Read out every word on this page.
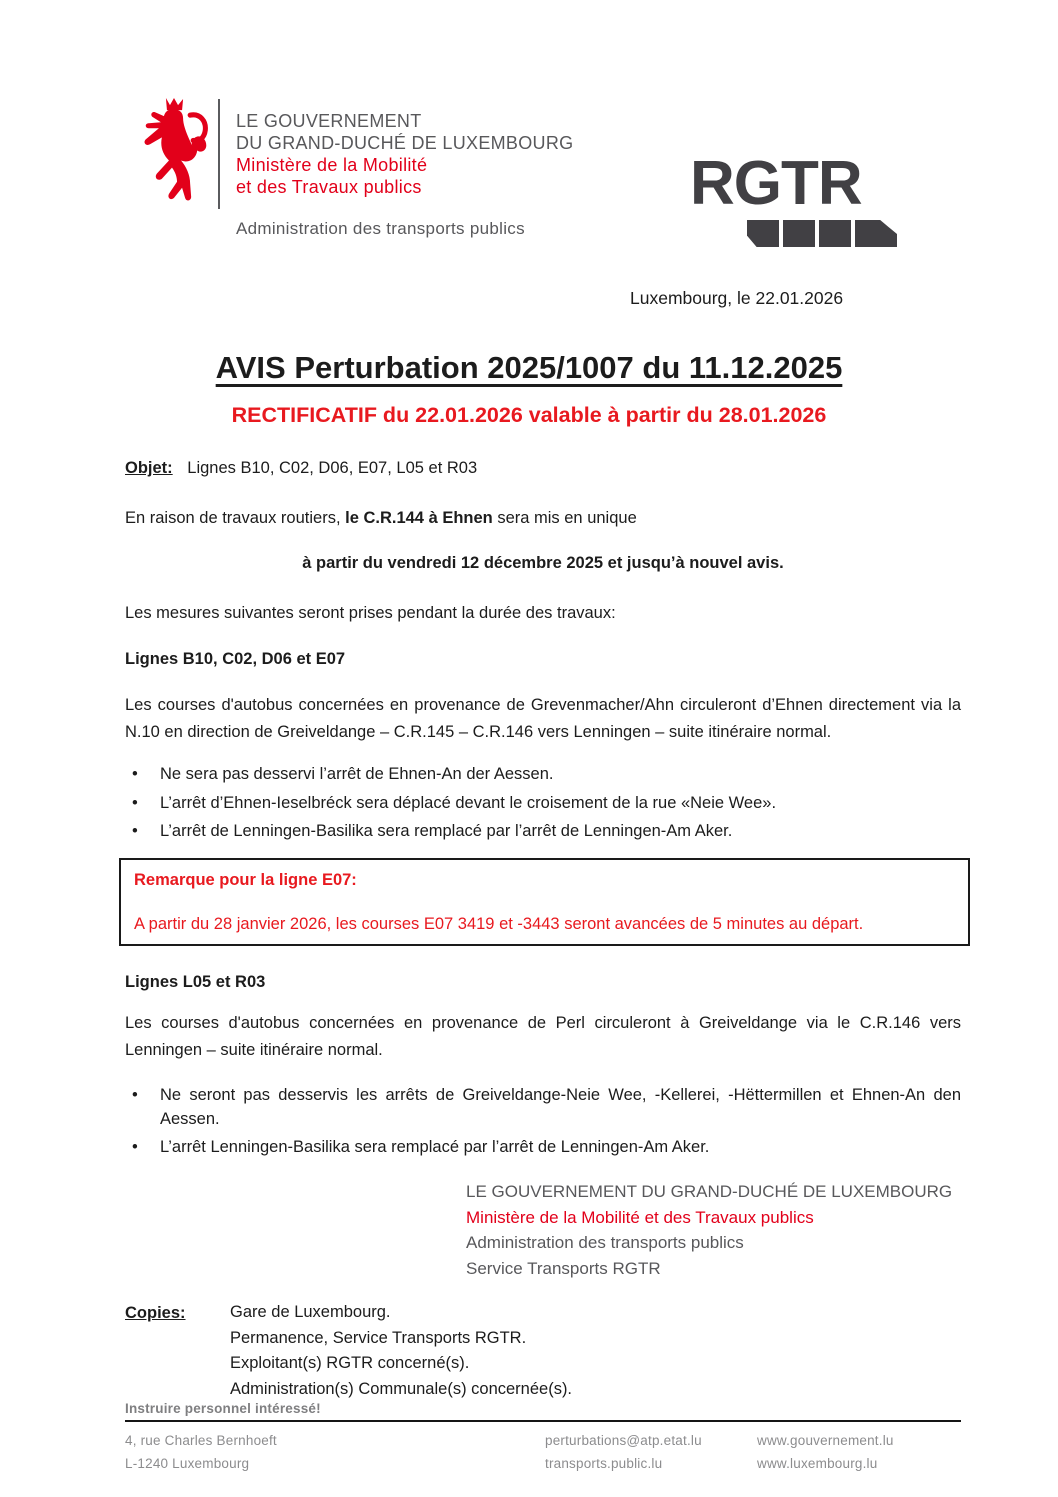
LE GOUVERNEMENT
DU GRAND-DUCHÉ DE LUXEMBOURG
Ministère de la Mobilité
et des Travaux publics
Administration des transports publics
RGTR
Luxembourg, le 22.01.2026
AVIS Perturbation 2025/1007 du 11.12.2025
RECTIFICATIF du 22.01.2026 valable à partir du 28.01.2026
Objet: Lignes B10, C02, D06, E07, L05 et R03
En raison de travaux routiers, le C.R.144 à Ehnen sera mis en unique
à partir du vendredi 12 décembre 2025 et jusqu’à nouvel avis.
Les mesures suivantes seront prises pendant la durée des travaux:
Lignes B10, C02, D06 et E07
Les courses d'autobus concernées en provenance de Grevenmacher/Ahn circuleront d’Ehnen directement via la N.10 en direction de Greiveldange – C.R.145 – C.R.146 vers Lenningen – suite itinéraire normal.
• Ne sera pas desservi l’arrêt de Ehnen-An der Aessen.
• L’arrêt d’Ehnen-Ieselbréck sera déplacé devant le croisement de la rue «Neie Wee».
• L’arrêt de Lenningen-Basilika sera remplacé par l’arrêt de Lenningen-Am Aker.
Remarque pour la ligne E07:
A partir du 28 janvier 2026, les courses E07 3419 et -3443 seront avancées de 5 minutes au départ.
Lignes L05 et R03
Les courses d'autobus concernées en provenance de Perl circuleront à Greiveldange via le C.R.146 vers Lenningen – suite itinéraire normal.
• Ne seront pas desservis les arrêts de Greiveldange-Neie Wee, -Kellerei, -Hëttermillen et Ehnen-An den Aessen.
• L’arrêt Lenningen-Basilika sera remplacé par l’arrêt de Lenningen-Am Aker.
LE GOUVERNEMENT DU GRAND-DUCHÉ DE LUXEMBOURG
Ministère de la Mobilité et des Travaux publics
Administration des transports publics
Service Transports RGTR
Copies:	Gare de Luxembourg.
Permanence, Service Transports RGTR.
Exploitant(s) RGTR concerné(s).
Administration(s) Communale(s) concernée(s).
Instruire personnel intéressé!
4, rue Charles Bernhoeft
L-1240 Luxembourg
perturbations@atp.etat.lu
transports.public.lu
www.gouvernement.lu
www.luxembourg.lu
